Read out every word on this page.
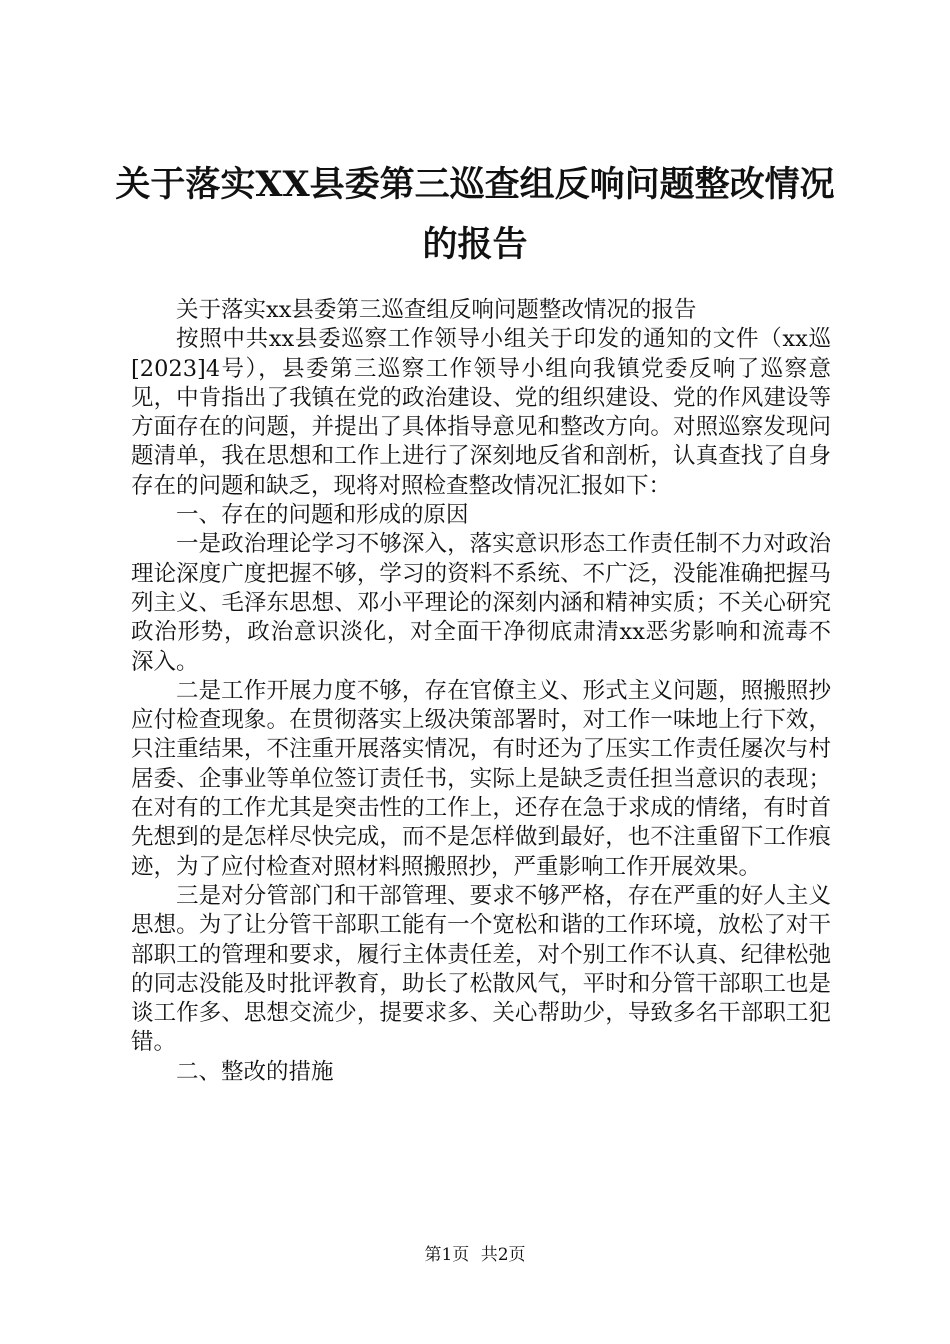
关于落实XX县委第三巡查组反响问题整改情况的报告

关于落实xx县委第三巡查组反响问题整改情况的报告

按照中共xx县委巡察工作领导小组关于印发的通知的文件（xx巡[2023]4号），县委第三巡察工作领导小组向我镇党委反响了巡察意见，中肯指出了我镇在党的政治建设、党的组织建设、党的作风建设等方面存在的问题，并提出了具体指导意见和整改方向。对照巡察发现问题清单，我在思想和工作上进行了深刻地反省和剖析，认真查找了自身存在的问题和缺乏，现将对照检查整改情况汇报如下：

一、存在的问题和形成的原因

一是政治理论学习不够深入，落实意识形态工作责任制不力对政治理论深度广度把握不够，学习的资料不系统、不广泛，没能准确把握马列主义、毛泽东思想、邓小平理论的深刻内涵和精神实质；不关心研究政治形势，政治意识淡化，对全面干净彻底肃清xx恶劣影响和流毒不深入。

二是工作开展力度不够，存在官僚主义、形式主义问题，照搬照抄应付检查现象。在贯彻落实上级决策部署时，对工作一味地上行下效，只注重结果，不注重开展落实情况，有时还为了压实工作责任屡次与村居委、企事业等单位签订责任书，实际上是缺乏责任担当意识的表现；在对有的工作尤其是突击性的工作上，还存在急于求成的情绪，有时首先想到的是怎样尽快完成，而不是怎样做到最好，也不注重留下工作痕迹，为了应付检查对照材料照搬照抄，严重影响工作开展效果。

三是对分管部门和干部管理、要求不够严格，存在严重的好人主义思想。为了让分管干部职工能有一个宽松和谐的工作环境，放松了对干部职工的管理和要求，履行主体责任差，对个别工作不认真、纪律松弛的同志没能及时批评教育，助长了松散风气，平时和分管干部职工也是谈工作多、思想交流少，提要求多、关心帮助少，导致多名干部职工犯错。

二、整改的措施

第1页 共2页
